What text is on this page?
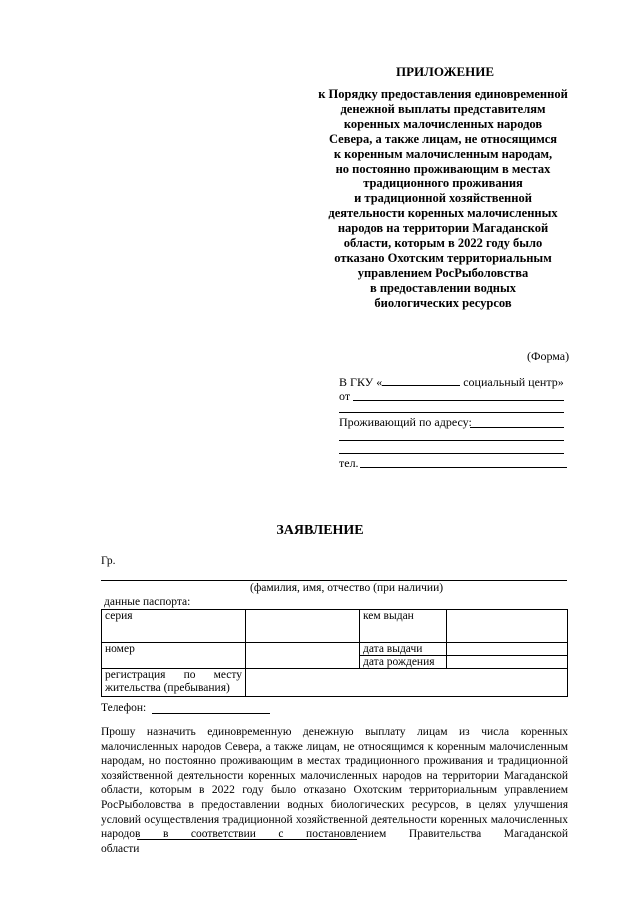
ПРИЛОЖЕНИЕ
к Порядку предоставления единовременной
денежной выплаты представителям
коренных малочисленных народов
Севера, а также лицам, не относящимся
к коренным малочисленным народам,
но постоянно проживающим в местах
традиционного проживания
и традиционной хозяйственной
деятельности коренных малочисленных
народов на территории Магаданской
области, которым в 2022 году было
отказано Охотским территориальным
управлением РосРыболовства
в предоставлении водных
биологических ресурсов
(Форма)
В ГКУ «	социальный центр»
от
Проживающий по адресу:
тел.
ЗАЯВЛЕНИЕ
Гр.
(фамилия, имя, отчество (при наличии)
данные паспорта:
серия		кем выдан	
номер		дата выдачи	
		дата рождения	

регистрация по месту
жительства (пребывания)			

Телефон:
Прошу назначить единовременную денежную выплату лицам из числа коренных
малочисленных народов Севера, а также лицам, не относящимся к коренным малочисленным
народам, но постоянно проживающим в местах традиционного проживания и традиционной
хозяйственной деятельности коренных малочисленных народов на территории Магаданской
области, которым в 2022 году было отказано Охотским территориальным управлением
РосРыболовства в предоставлении водных биологических ресурсов, в целях улучшения
условий осуществления традиционной хозяйственной деятельности коренных малочисленных
народов в соответствии с постановлением Правительства Магаданской
области
